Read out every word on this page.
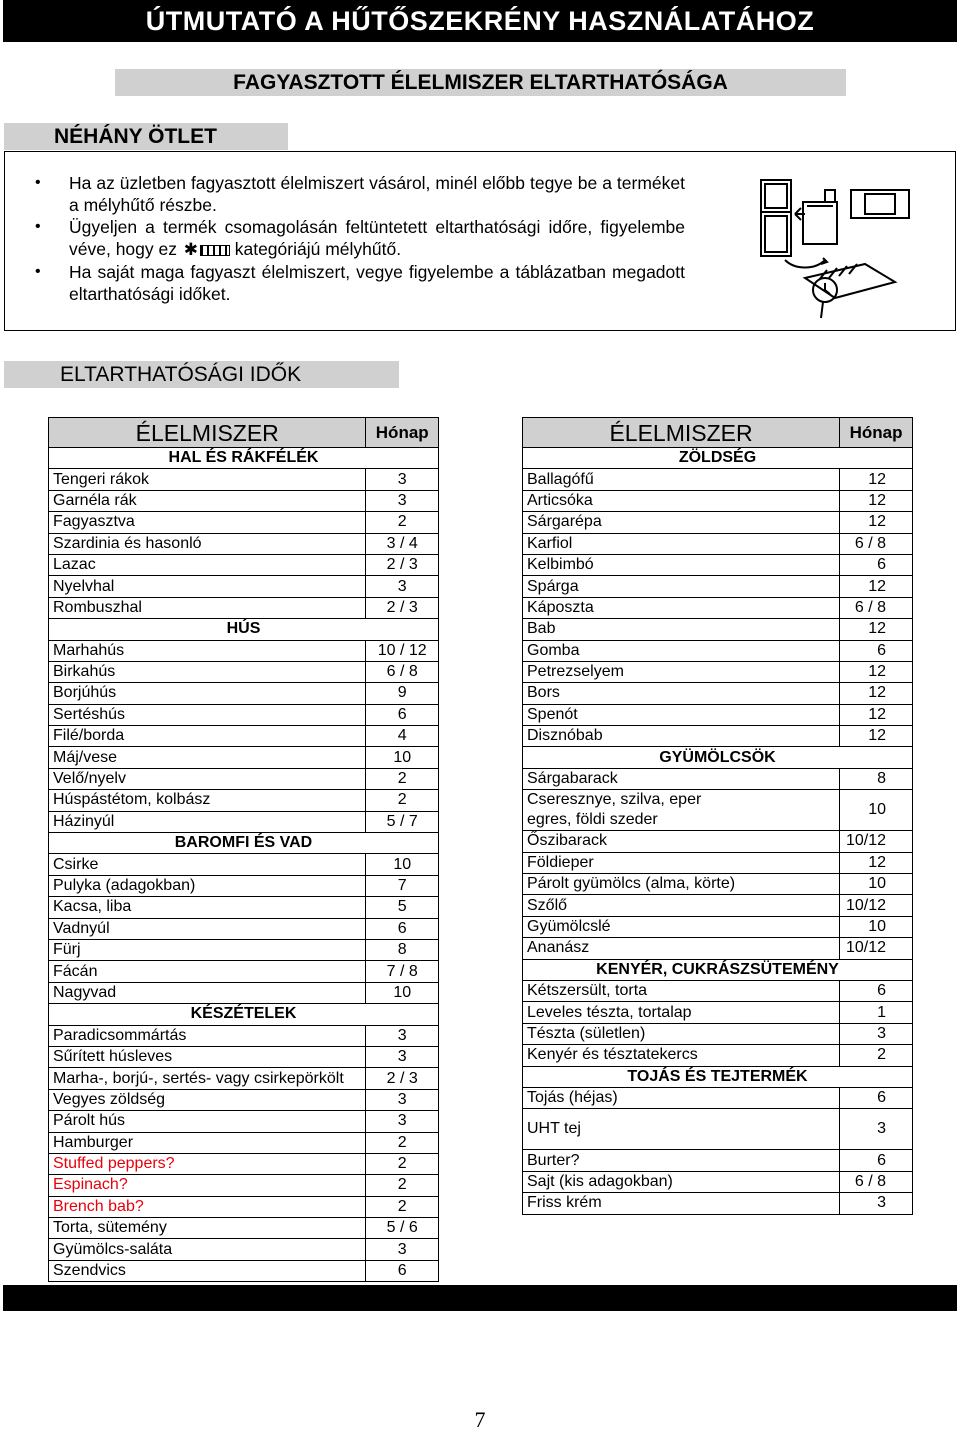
ÚTMUTATÓ A HŰTŐSZEKRÉNY HASZNÁLATÁHOZ
FAGYASZTOTT ÉLELMISZER ELTARTHATÓSÁGA
NÉHÁNY ÖTLET
• Ha az üzletben fagyasztott élelmiszert vásárol, minél előbb tegye be a terméket a mélyhűtő részbe.
• Ügyeljen a termék csomagolásán feltüntetett eltarthatósági időre, figyelembe véve, hogy ez ✱ kategóriájú mélyhűtő.
• Ha saját maga fagyaszt élelmiszert, vegye figyelembe a táblázatban megadott eltarthatósági időket.
ELTARTHATÓSÁGI IDŐK
ÉLELMISZER	Hónap
HAL ÉS RÁKFÉLÉK	
Tengeri rákok	3
Garnéla rák	3
Fagyasztva	2
Szardinia és hasonló	3 / 4
Lazac	2 / 3
Nyelvhal	3
Rombuszhal	2 / 3
HÚS	
Marhahús	10 / 12
Birkahús	6 / 8
Borjúhús	9
Sertéshús	6
Filé/borda	4
Máj/vese	10
Velő/nyelv	2
Húspástétom, kolbász	2
Házinyúl	5 / 7
BAROMFI ÉS VAD	
Csirke	10
Pulyka (adagokban)	7
Kacsa, liba	5
Vadnyúl	6
Fürj	8
Fácán	7 / 8
Nagyvad	10
KÉSZÉTELEK	
Paradicsommártás	3
Sűrített húsleves	3
Marha-, borjú-, sertés- vagy csirkepörkölt	2 / 3
Vegyes zöldség	3
Párolt hús	3
Hamburger	2
Stuffed peppers?	2
Espinach?	2
Brench bab?	2
Torta, sütemény	5 / 6
Gyümölcs-saláta	3
Szendvics	6
ÉLELMISZER	Hónap
ZÖLDSÉG	
Ballagófű	12
Articsóka	12
Sárgarépa	12
Karfiol	6 / 8
Kelbimbó	6
Spárga	12
Káposzta	6 / 8
Bab	12
Gomba	6
Petrezselyem	12
Bors	12
Spenót	12
Disznóbab	12
GYÜMÖLCSÖK	
Sárgabarack	8

Cseresznye, szilva, eper
egres, földi szeder	10
Őszibarack	10/12
Földieper	12
Párolt gyümölcs (alma, körte)	10
Szőlő	10/12
Gyümölcslé	10
Ananász	10/12
KENYÉR, CUKRÁSZSÜTEMÉNY	
Kétszersült, torta	6
Leveles tészta, tortalap	1
Tészta (sületlen)	3
Kenyér és tésztatekercs	2
TOJÁS ÉS TEJTERMÉK	
Tojás (héjas)	6
UHT tej	3
Burter?	6
Sajt (kis adagokban)	6 / 8
Friss krém	3
7
